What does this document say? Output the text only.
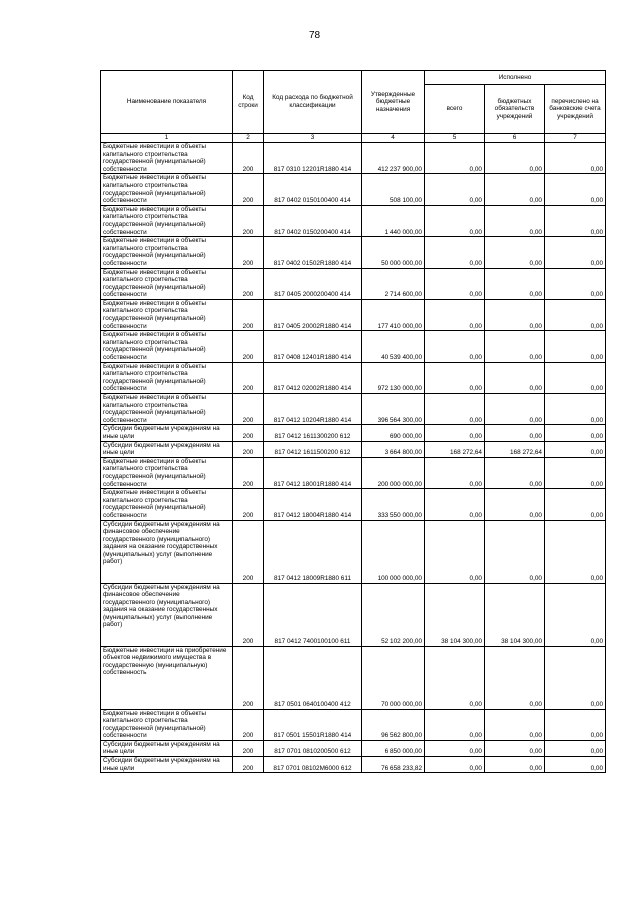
78
Наименование показателя	Код строки	Код расхода по бюджетной классификации	Утвержденные бюджетные назначения	Исполнено		
				всего	бюджетных обязательств учреждений	перечислено на банковские счета учреждений
1	2	3	4	5	6	7
Бюджетные инвестиции в объекты капитального строительства государственной (муниципальной) собственности	200	817 0310 12201R1880 414	412 237 900,00	0,00	0,00	0,00
Бюджетные инвестиции в объекты капитального строительства государственной (муниципальной) собственности	200	817 0402 0150100400 414	508 100,00	0,00	0,00	0,00
Бюджетные инвестиции в объекты капитального строительства государственной (муниципальной) собственности	200	817 0402 0150200400 414	1 440 000,00	0,00	0,00	0,00
Бюджетные инвестиции в объекты капитального строительства государственной (муниципальной) собственности	200	817 0402 01502R1880 414	50 000 000,00	0,00	0,00	0,00
Бюджетные инвестиции в объекты капитального строительства государственной (муниципальной) собственности	200	817 0405 2000200400 414	2 714 600,00	0,00	0,00	0,00
Бюджетные инвестиции в объекты капитального строительства государственной (муниципальной) собственности	200	817 0405 20002R1880 414	177 410 000,00	0,00	0,00	0,00
Бюджетные инвестиции в объекты капитального строительства государственной (муниципальной) собственности	200	817 0408 12401R1880 414	40 539 400,00	0,00	0,00	0,00
Бюджетные инвестиции в объекты капитального строительства государственной (муниципальной) собственности	200	817 0412 02002R1880 414	972 130 000,00	0,00	0,00	0,00
Бюджетные инвестиции в объекты капитального строительства государственной (муниципальной) собственности	200	817 0412 10204R1880 414	396 564 300,00	0,00	0,00	0,00
Субсидии бюджетным учреждениям на иные цели	200	817 0412 1611300200 612	690 000,00	0,00	0,00	0,00
Субсидии бюджетным учреждениям на иные цели	200	817 0412 1611500200 612	3 664 800,00	168 272,64	168 272,64	0,00
Бюджетные инвестиции в объекты капитального строительства государственной (муниципальной) собственности	200	817 0412 18001R1880 414	200 000 000,00	0,00	0,00	0,00
Бюджетные инвестиции в объекты капитального строительства государственной (муниципальной) собственности	200	817 0412 18004R1880 414	333 550 000,00	0,00	0,00	0,00
Субсидии бюджетным учреждениям на финансовое обеспечение государственного (муниципального) задания на оказание государственных (муниципальных) услуг (выполнение работ)	200	817 0412 18009R1880 611	100 000 000,00	0,00	0,00	0,00
Субсидии бюджетным учреждениям на финансовое обеспечение государственного (муниципального) задания на оказание государственных (муниципальных) услуг (выполнение работ)	200	817 0412 7400100100 611	52 102 200,00	38 104 300,00	38 104 300,00	0,00
Бюджетные инвестиции на приобретение объектов недвижимого имущества в государственную (муниципальную) собственность	200	817 0501 0640100400 412	70 000 000,00	0,00	0,00	0,00
Бюджетные инвестиции в объекты капитального строительства государственной (муниципальной) собственности	200	817 0501 15501R1880 414	96 562 800,00	0,00	0,00	0,00
Субсидии бюджетным учреждениям на иные цели	200	817 0701 0810200500 612	6 850 000,00	0,00	0,00	0,00
Субсидии бюджетным учреждениям на иные цели	200	817 0701 08102M6000 612	76 658 233,82	0,00	0,00	0,00
